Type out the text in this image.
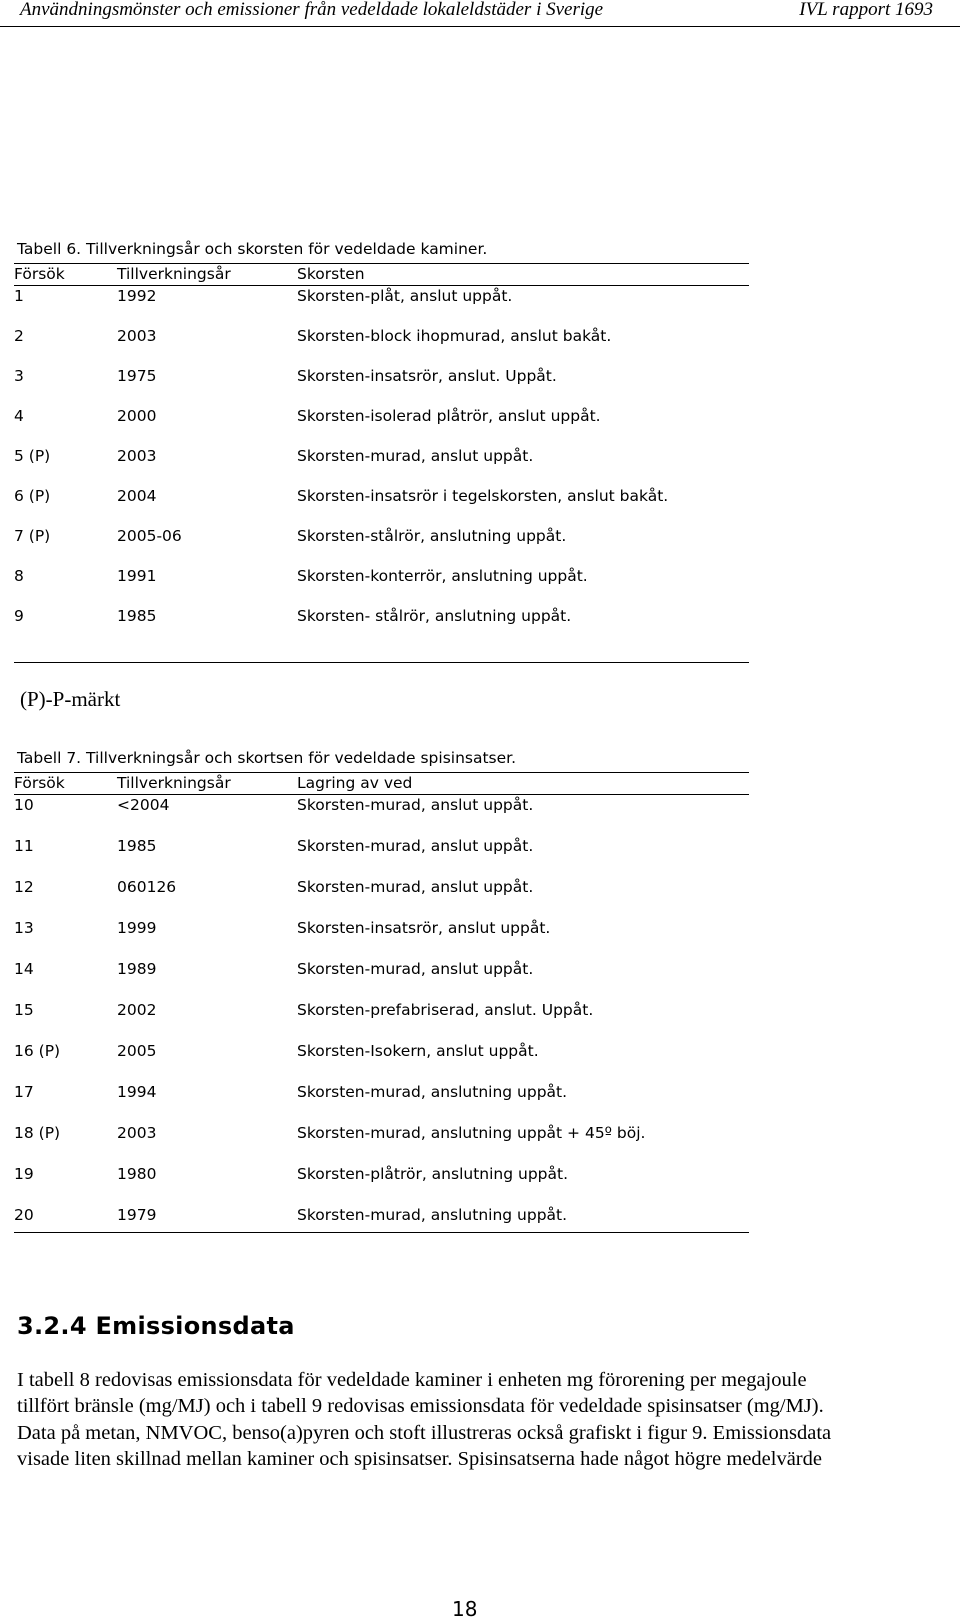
Användningsmönster och emissioner från vedeldade lokaleldstäder i Sverige	IVL rapport 1693
Tabell 6. Tillverkningsår och skorsten för vedeldade kaminer.
Försök	Tillverkningsår	Skorsten
1	1992	Skorsten-plåt, anslut uppåt.
2	2003	Skorsten-block ihopmurad, anslut bakåt.
3	1975	Skorsten-insatsrör, anslut. Uppåt.
4	2000	Skorsten-isolerad plåtrör, anslut uppåt.
5 (P)	2003	Skorsten-murad, anslut uppåt.
6 (P)	2004	Skorsten-insatsrör i tegelskorsten, anslut bakåt.
7 (P)	2005-06	Skorsten-stålrör, anslutning uppåt.
8	1991	Skorsten-konterrör, anslutning uppåt.
9	1985	Skorsten- stålrör, anslutning uppåt.
(P)-P-märkt
Tabell 7. Tillverkningsår och skortsen för vedeldade spisinsatser.
Försök	Tillverkningsår	Lagring av ved
10	<2004	Skorsten-murad, anslut uppåt.
11	1985	Skorsten-murad, anslut uppåt.
12	060126	Skorsten-murad, anslut uppåt.
13	1999	Skorsten-insatsrör, anslut uppåt.
14	1989	Skorsten-murad, anslut uppåt.
15	2002	Skorsten-prefabriserad, anslut. Uppåt.
16 (P)	2005	Skorsten-Isokern, anslut uppåt.
17	1994	Skorsten-murad, anslutning uppåt.
18 (P)	2003	Skorsten-murad, anslutning uppåt + 45º böj.
19	1980	Skorsten-plåtrör, anslutning uppåt.
20	1979	Skorsten-murad, anslutning uppåt.
3.2.4 Emissionsdata
I tabell 8 redovisas emissionsdata för vedeldade kaminer i enheten mg förorening per megajoule
tillfört bränsle (mg/MJ) och i tabell 9 redovisas emissionsdata för vedeldade spisinsatser (mg/MJ).
Data på metan, NMVOC, benso(a)pyren och stoft illustreras också grafiskt i figur 9. Emissionsdata
visade liten skillnad mellan kaminer och spisinsatser. Spisinsatserna hade något högre medelvärde
18
